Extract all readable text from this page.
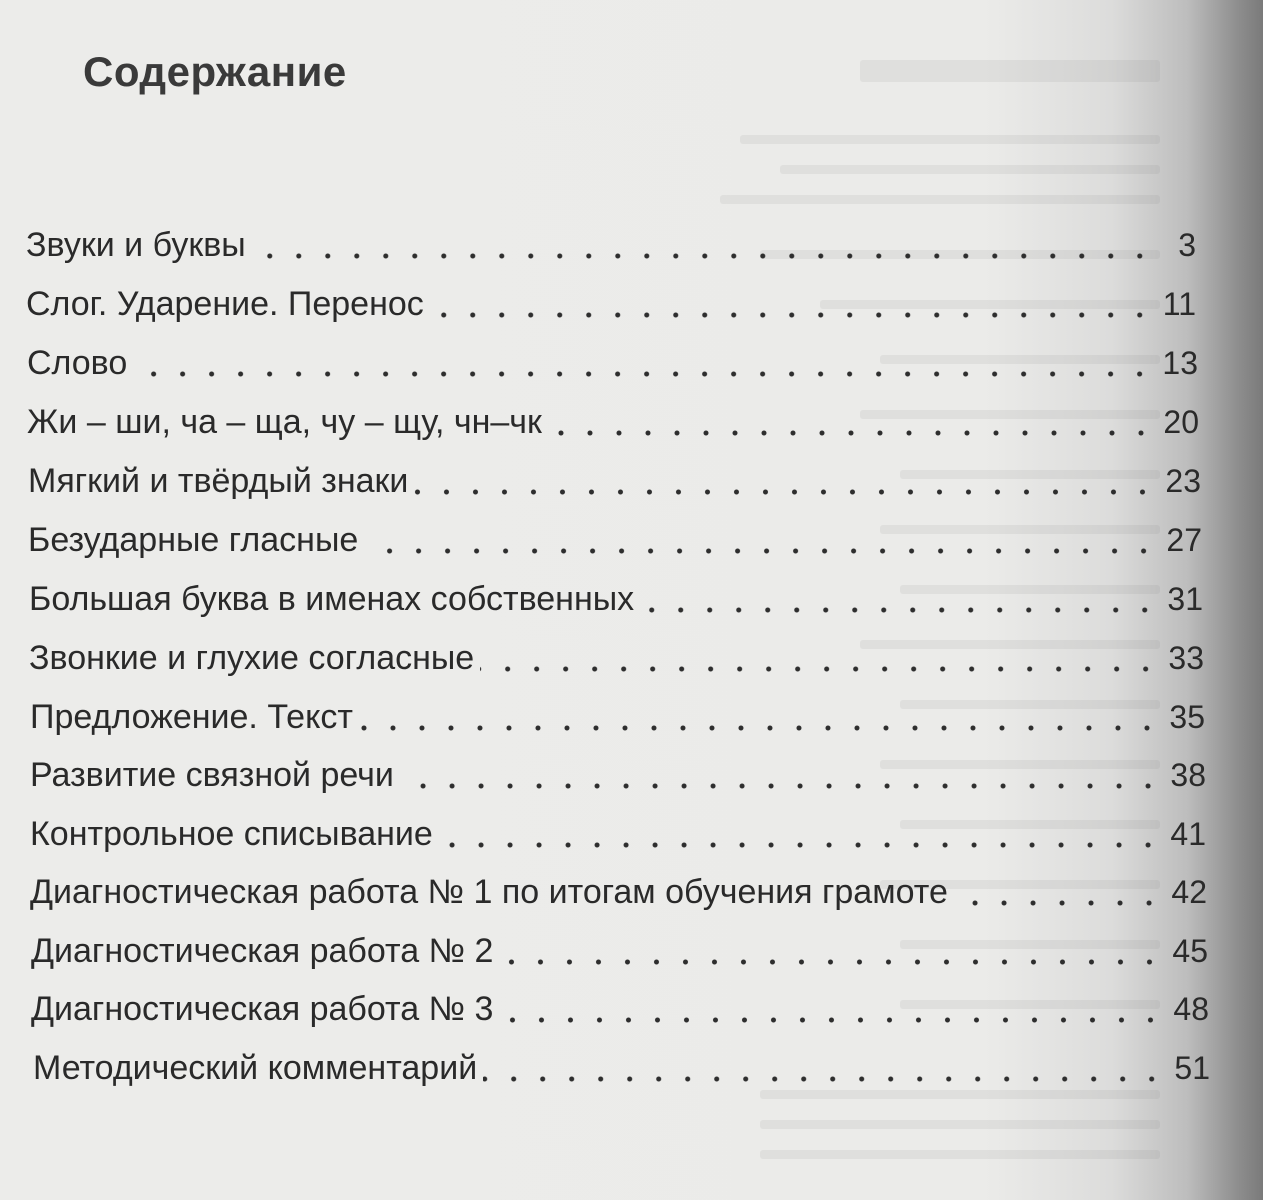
Содержание
Звуки и буквы	3
Слог. Ударение. Перенос	11
Слово	13
Жи – ши, ча – ща, чу – щу, чн–чк	20
Мягкий и твёрдый знаки	23
Безударные гласные	27
Большая буква в именах собственных	31
Звонкие и глухие согласные	33
Предложение. Текст	35
Развитие связной речи	38
Контрольное списывание	41
Диагностическая работа № 1 по итогам обучения грамоте	42
Диагностическая работа № 2	45
Диагностическая работа № 3	48
Методический комментарий	51
